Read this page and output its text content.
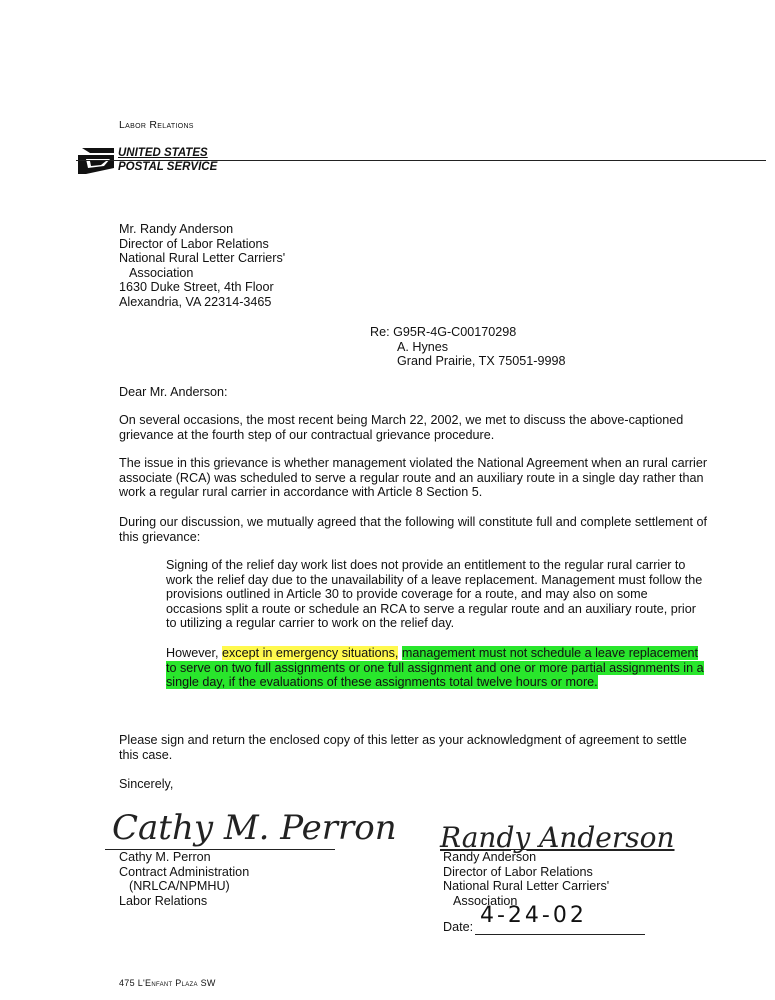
Labor Relations
UNITED STATES
POSTAL SERVICE
Mr. Randy Anderson
Director of Labor Relations
National Rural Letter Carriers'
Association
1630 Duke Street, 4th Floor
Alexandria, VA 22314-3465
Re: G95R-4G-C00170298
A. Hynes
Grand Prairie, TX 75051-9998

Dear Mr. Anderson:

On several occasions, the most recent being March 22, 2002, we met to discuss the above-captioned grievance at the fourth step of our contractual grievance procedure.

The issue in this grievance is whether management violated the National Agreement when an rural carrier associate (RCA) was scheduled to serve a regular route and an auxiliary route in a single day rather than work a regular rural carrier in accordance with Article 8 Section 5.

During our discussion, we mutually agreed that the following will constitute full and complete settlement of this grievance:

Signing of the relief day work list does not provide an entitlement to the regular rural carrier to work the relief day due to the unavailability of a leave replacement. Management must follow the provisions outlined in Article 30 to provide coverage for a route, and may also on some occasions split a route or schedule an RCA to serve a regular route and an auxiliary route, prior to utilizing a regular carrier to work on the relief day.

However, except in emergency situations, management must not schedule a leave replacement to serve on two full assignments or one full assignment and one or more partial assignments in a single day, if the evaluations of these assignments total twelve hours or more.

Please sign and return the enclosed copy of this letter as your acknowledgment of agreement to settle this case.

Sincerely,

Cathy M. Perron
Cathy M. Perron
Contract Administration
(NRLCA/NPMHU)
Labor Relations
Randy Anderson
Randy Anderson
Director of Labor Relations
National Rural Letter Carriers'
Association
Date: 4-24-02
475 L'Enfant Plaza SW
